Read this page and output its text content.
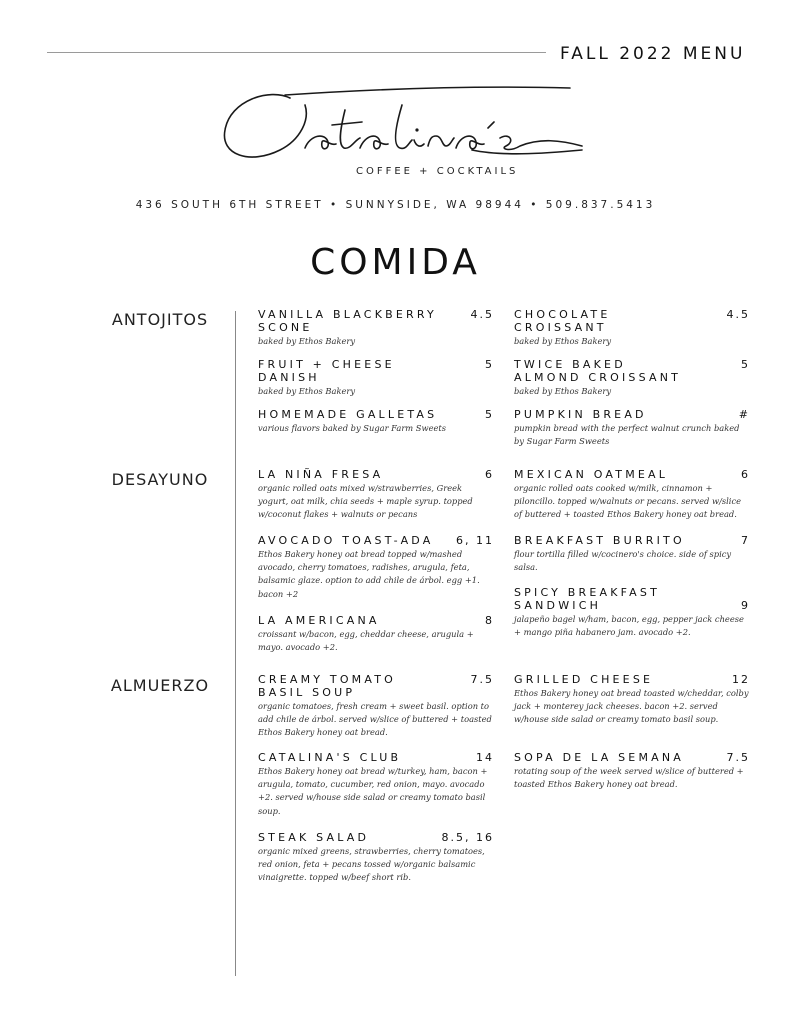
FALL 2022 MENU
COFFEE + COCKTAILS
436 SOUTH 6TH STREET • SUNNYSIDE, WA 98944 • 509.837.5413
COMIDA
ANTOJITOS
DESAYUNO
ALMUERZO
4.5
VANILLA BLACKBERRY
SCONE
baked by Ethos Bakery
5
FRUIT + CHEESE
DANISH
baked by Ethos Bakery
5
HOMEMADE GALLETAS
various flavors baked by Sugar Farm Sweets
6
LA NIÑA FRESA
organic rolled oats mixed w/strawberries, Greek yogurt, oat milk, chia seeds + maple syrup. topped w/coconut flakes + walnuts or pecans
6, 11
AVOCADO TOAST-ADA
Ethos Bakery honey oat bread topped w/mashed avocado, cherry tomatoes, radishes, arugula, feta, balsamic glaze. option to add chile de árbol. egg +1. bacon +2
8
LA AMERICANA
croissant w/bacon, egg, cheddar cheese, arugula + mayo. avocado +2.
7.5
CREAMY TOMATO
BASIL SOUP
organic tomatoes, fresh cream + sweet basil. option to add chile de árbol. served w/slice of buttered + toasted Ethos Bakery honey oat bread.
14
CATALINA'S CLUB
Ethos Bakery honey oat bread w/turkey, ham, bacon + arugula, tomato, cucumber, red onion, mayo. avocado +2. served w/house side salad or creamy tomato basil soup.
8.5, 16
STEAK SALAD
organic mixed greens, strawberries, cherry tomatoes, red onion, feta + pecans tossed w/organic balsamic vinaigrette. topped w/beef short rib.
4.5
CHOCOLATE
CROISSANT
baked by Ethos Bakery
5
TWICE BAKED
ALMOND CROISSANT
baked by Ethos Bakery
#
PUMPKIN BREAD
pumpkin bread with the perfect walnut crunch baked by Sugar Farm Sweets
6
MEXICAN OATMEAL
organic rolled oats cooked w/milk, cinnamon + piloncillo. topped w/walnuts or pecans. served w/slice of buttered + toasted Ethos Bakery honey oat bread.
7
BREAKFAST BURRITO
flour tortilla filled w/cocinero's choice. side of spicy salsa.
9
SPICY BREAKFAST
SANDWICH
jalapeño bagel w/ham, bacon, egg, pepper jack cheese + mango piña habanero jam. avocado +2.
12
GRILLED CHEESE
Ethos Bakery honey oat bread toasted w/cheddar, colby jack + monterey jack cheeses. bacon +2. served w/house side salad or creamy tomato basil soup.
7.5
SOPA DE LA SEMANA
rotating soup of the week served w/slice of buttered + toasted Ethos Bakery honey oat bread.
